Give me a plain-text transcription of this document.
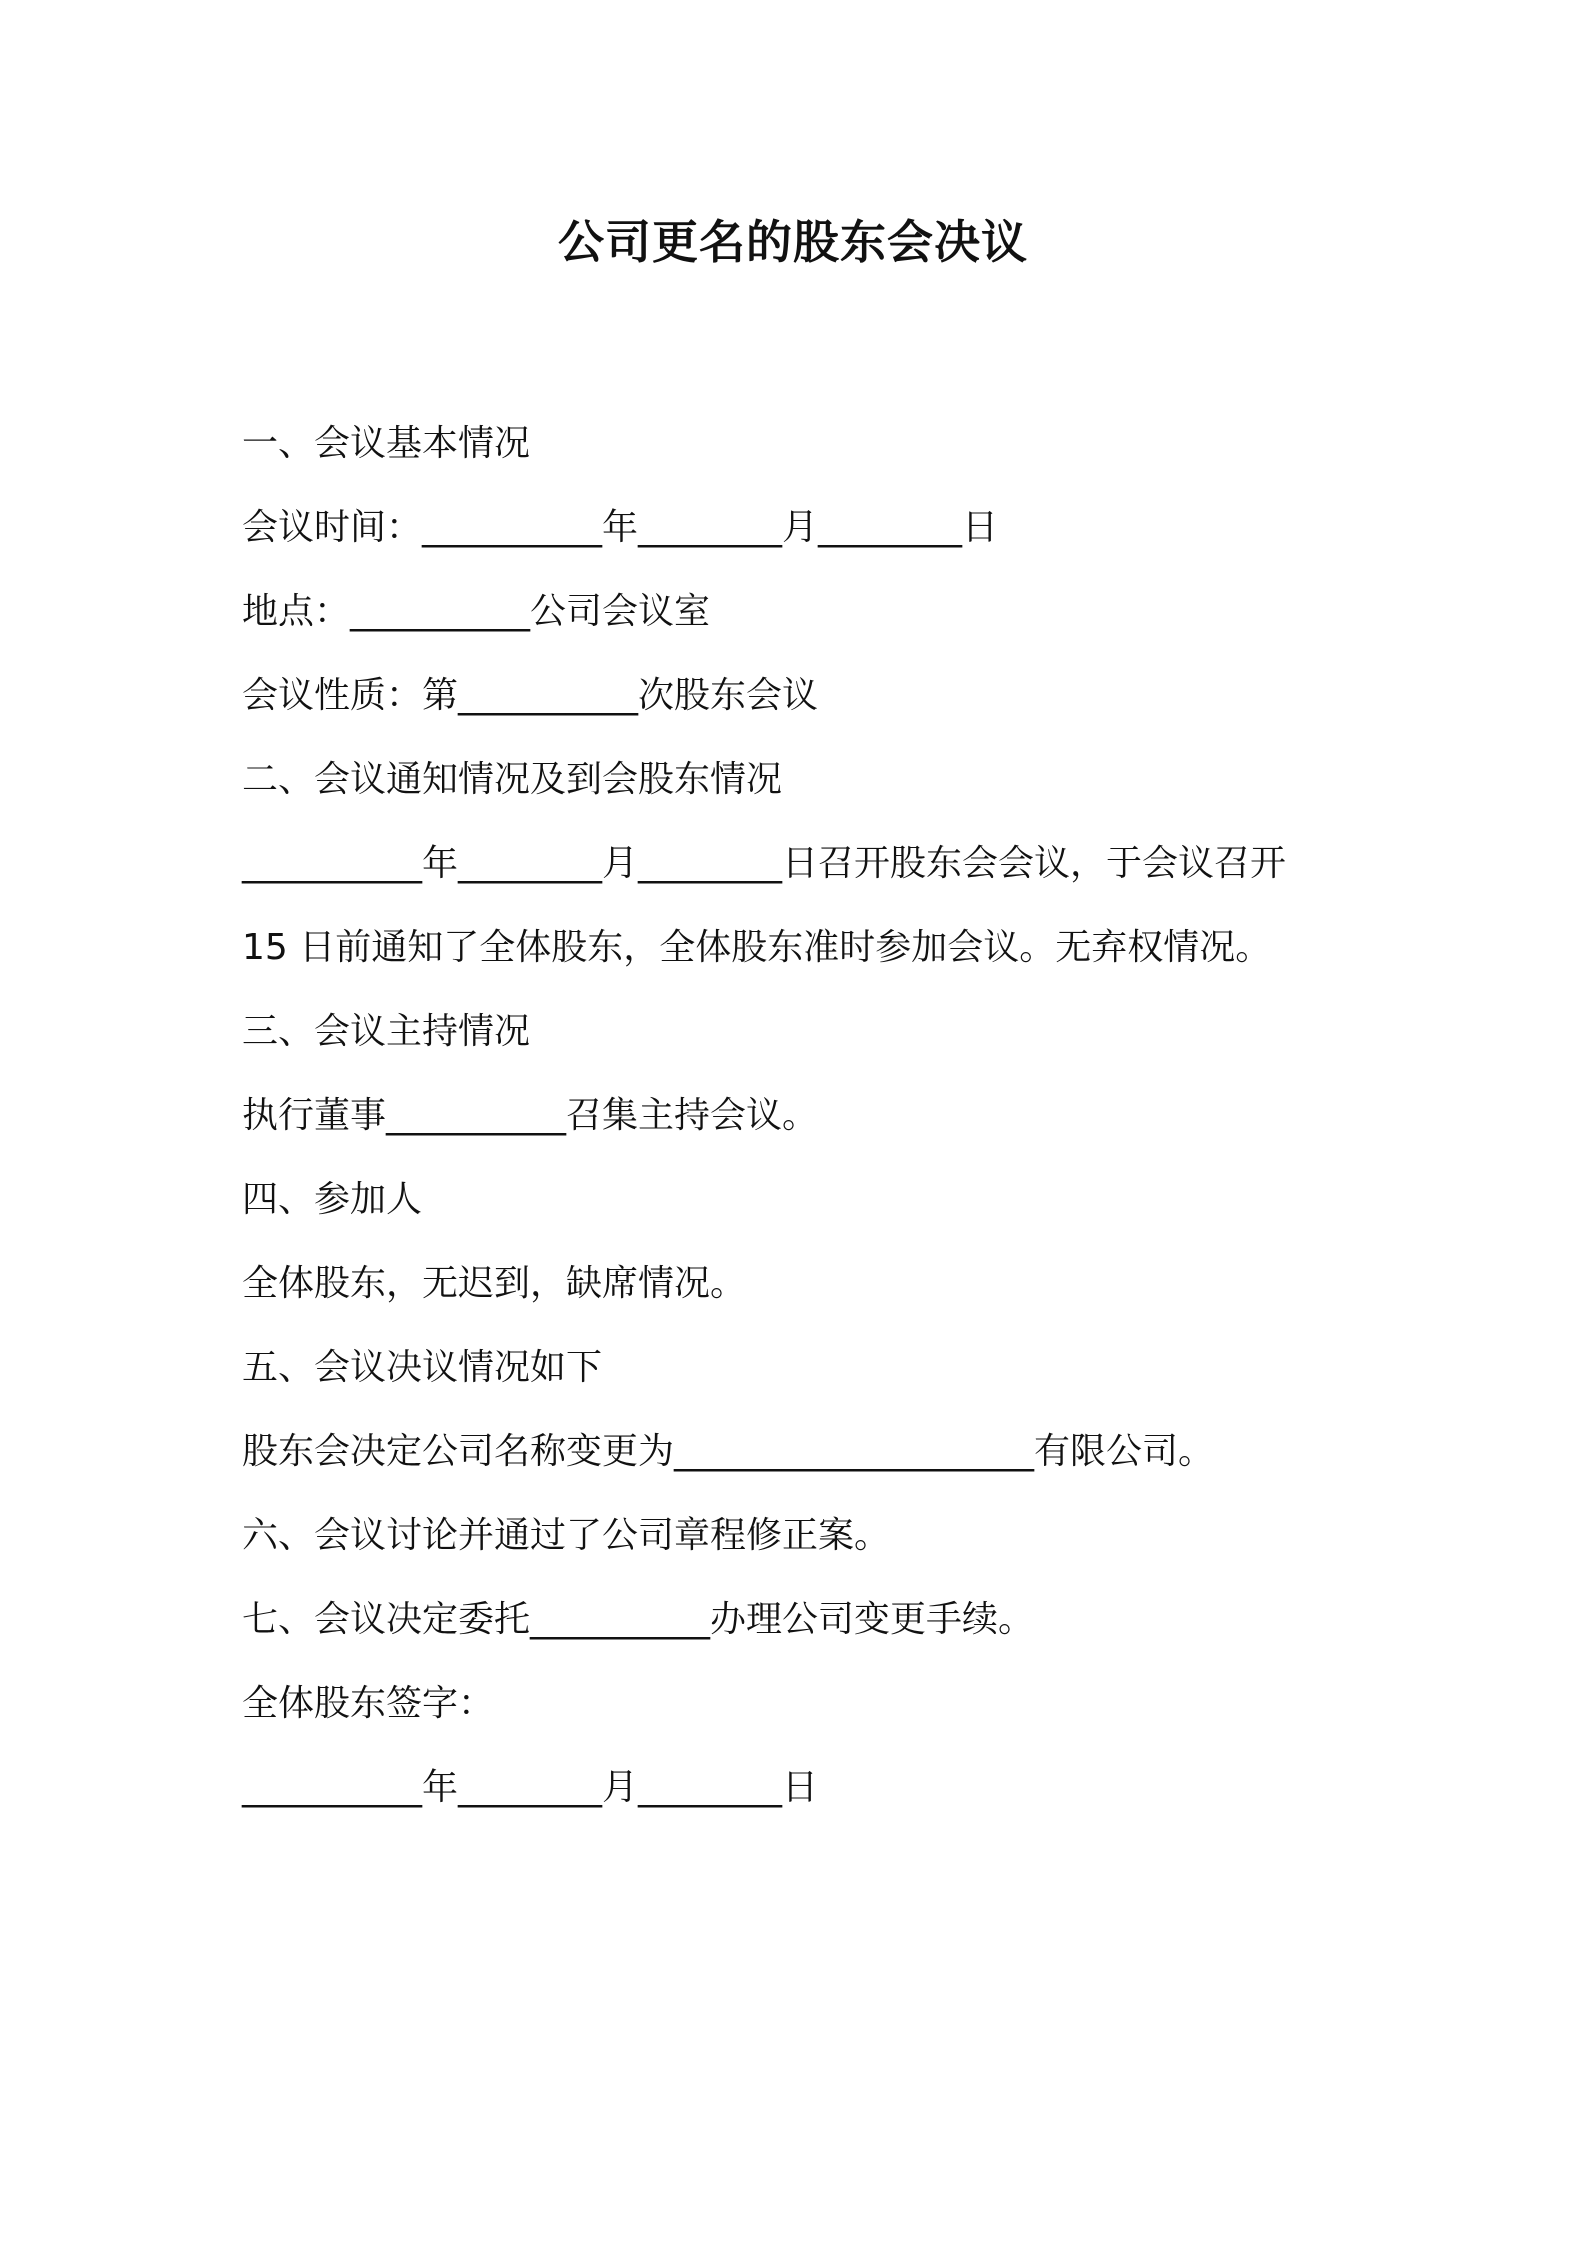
公司更名的股东会决议
一、会议基本情况
会议时间：__________年________月________日
地点：__________公司会议室
会议性质：第__________次股东会议
二、会议通知情况及到会股东情况
__________年________月________日召开股东会会议，于会议召开
15 日前通知了全体股东，全体股东准时参加会议。无弃权情况。
三、会议主持情况
执行董事__________召集主持会议。
四、参加人
全体股东，无迟到，缺席情况。
五、会议决议情况如下
股东会决定公司名称变更为____________________有限公司。
六、会议讨论并通过了公司章程修正案。
七、会议决定委托__________办理公司变更手续。
全体股东签字：
__________年________月________日
